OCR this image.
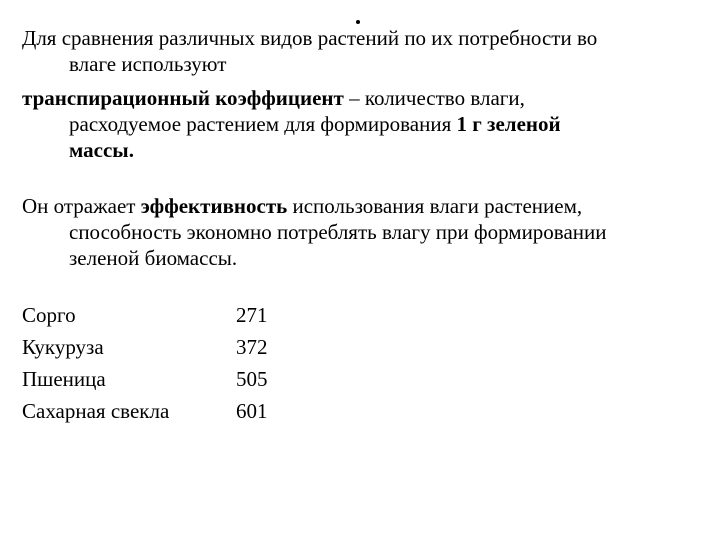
Для сравнения различных видов растений по их потребности во
влаге используют

транспирационный коэффициент – количество влаги,
расходуемое растением для формирования 1 г зеленой
массы.

Он отражает эффективность использования влаги растением,
способность экономно потреблять влагу при формировании
зеленой биомассы.

Сорго	271
Кукуруза	372
Пшеница	505
Сахарная свекла	601
